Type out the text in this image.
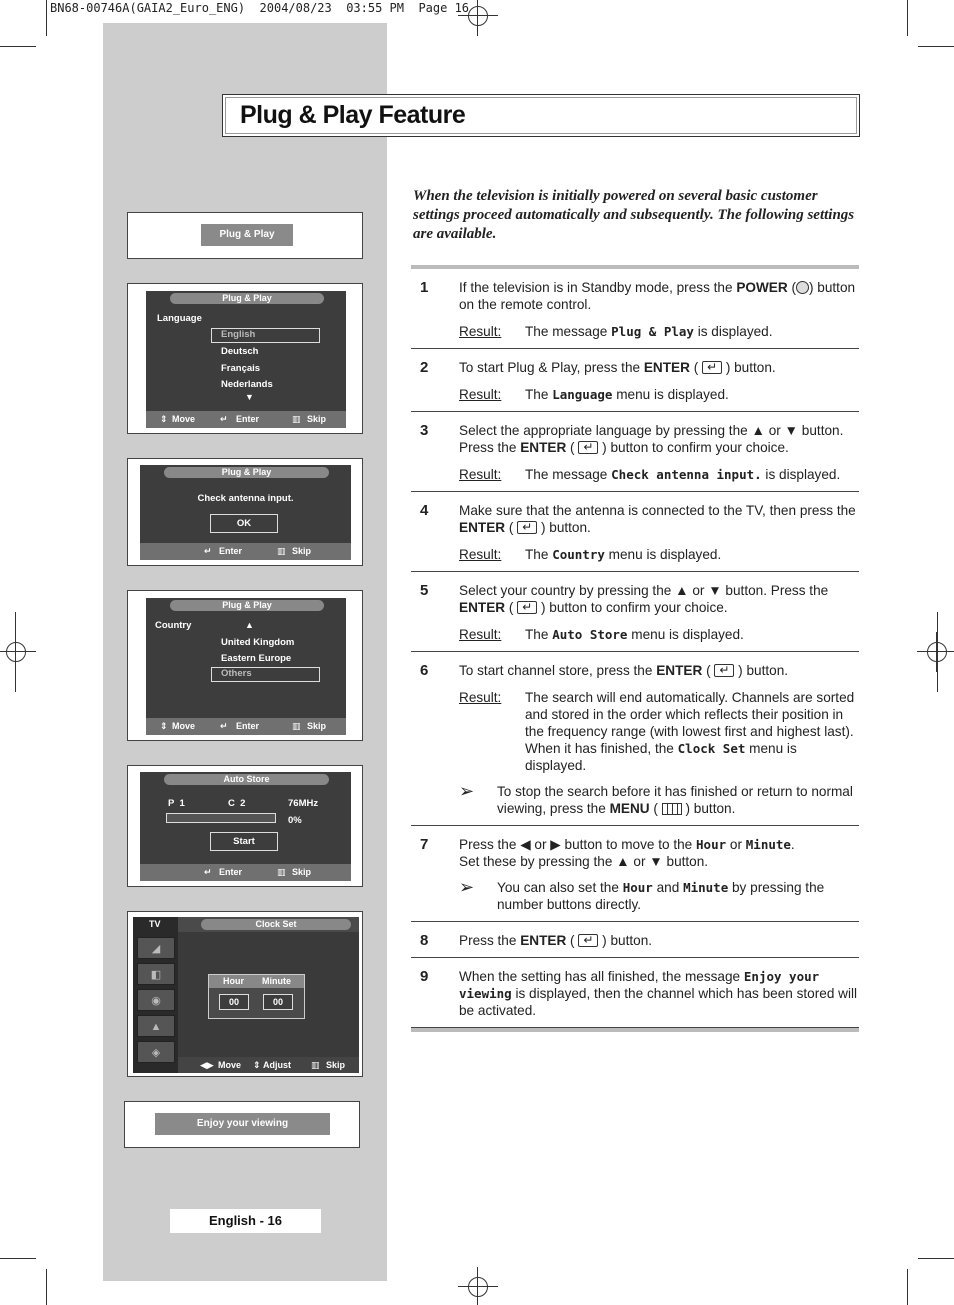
BN68-00746A(GAIA2_Euro_ENG)  2004/08/23  03:55 PM  Page 16
Plug & Play Feature
When the television is initially powered on several basic customer settings proceed automatically and subsequently. The following settings are available.
1 If the television is in Standby mode, press the POWER ( ) button on the remote control.
Result:	The message Plug & Play is displayed.
2 To start Plug & Play, press the ENTER ( ↵ ) button.
Result:	The Language menu is displayed.
3 Select the appropriate language by pressing the ▲ or ▼ button. Press the ENTER ( ↵ ) button to confirm your choice.
Result:	The message Check antenna input. is displayed.
4 Make sure that the antenna is connected to the TV, then press the ENTER ( ↵ ) button.
Result:	The Country menu is displayed.
5 Select your country by pressing the ▲ or ▼ button. Press the ENTER ( ↵ ) button to confirm your choice.
Result:	The Auto Store menu is displayed.
6 To start channel store, press the ENTER ( ↵ ) button.
Result:	The search will end automatically. Channels are sorted and stored in the order which reflects their position in the frequency range (with lowest first and highest last). When it has finished, the Clock Set menu is displayed.
➢	To stop the search before it has finished or return to normal viewing, press the MENU (  ) button.
7 Press the ◀ or ▶ button to move to the Hour or Minute.
Set these by pressing the ▲ or ▼ button.
➢	You can also set the Hour and Minute by pressing the number buttons directly.
8 Press the ENTER ( ↵ ) button.
9 When the setting has all finished, the message Enjoy your viewing is displayed, then the channel which has been stored will be activated.
Plug & Play
Plug & Play
Language
English
Deutsch
Français
Nederlands
▼
⇕ Move	↵ Enter	▥ Skip
Plug & Play
Check antenna input.
OK
↵ Enter	▥ Skip
Plug & Play
Country	▲
United Kingdom
Eastern Europe
Others
⇕ Move	↵ Enter	▥ Skip
Auto Store
P  1	C  2	76MHz
0%
Start
↵ Enter	▥ Skip
TV	Clock Set
◢
◧
◉
▲
◈
Hour Minute
00	00
◀▶ Move ⇕ Adjust ▥ Skip
Enjoy your viewing
English - 16
